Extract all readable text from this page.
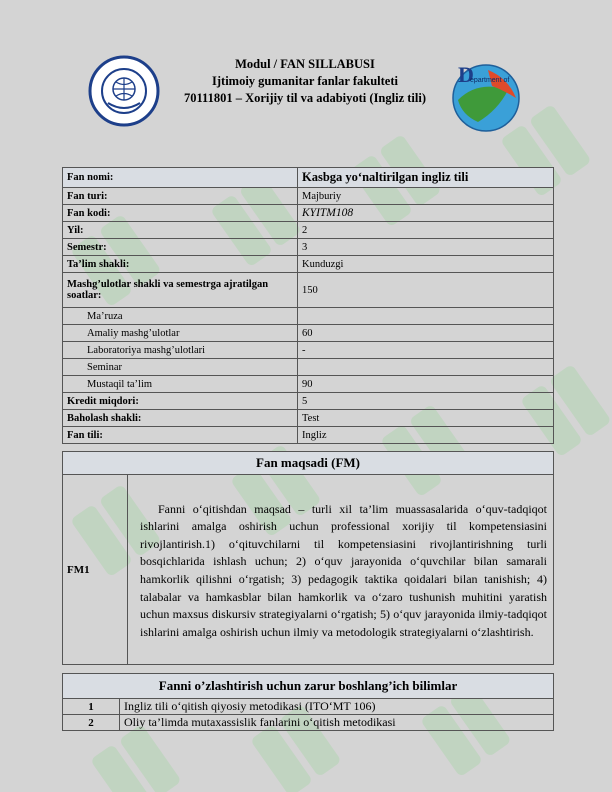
Modul / FAN SILLABUSI
Ijtimoiy gumanitar fanlar fakulteti
70111801 – Xorijiy til va adabiyoti (Ingliz tili)
D
epartment of
Fan nomi:	Kasbga yo‘naltirilgan ingliz tili
Fan turi:	Majburiy
Fan kodi:	KYITM108
Yil:	2
Semestr:	3
Ta’lim shakli:	Kunduzgi
Mashg’ulotlar shakli va semestrga ajratilgan soatlar:	150
Ma’ruza	
Amaliy mashg’ulotlar	60
Laboratoriya mashg’ulotlari	-
Seminar	
Mustaqil ta’lim	90
Kredit miqdori:	5
Baholash shakli:	Test
Fan tili:	Ingliz
Fan maqsadi (FM)
FM1	Fanni o‘qitishdan maqsad – turli xil ta’lim muassasalarida o‘quv-tadqiqot ishlarini amalga oshirish uchun professional xorijiy til kompetensiasini rivojlantirish.1) o‘qituvchilarni til kompetensiasini rivojlantirishning turli bosqichlarida ishlash uchun; 2) o‘quv jarayonida o‘quvchilar bilan samarali hamkorlik qilishni o‘rgatish; 3) pedagogik taktika qoidalari bilan tanishish; 4) talabalar va hamkasblar bilan hamkorlik va o‘zaro tushunish muhitini yaratish uchun maxsus diskursiv strategiyalarni o‘rgatish; 5) o‘quv jarayonida ilmiy-tadqiqot ishlarini amalga oshirish uchun ilmiy va metodologik strategiyalarni o‘zlashtirish.
Fanni o’zlashtirish uchun zarur boshlang’ich bilimlar	
1	Ingliz tili o‘qitish qiyosiy metodikasi (ITO‘MT 106)
2	Oliy ta’limda mutaxassislik fanlarini o‘qitish metodikasi
